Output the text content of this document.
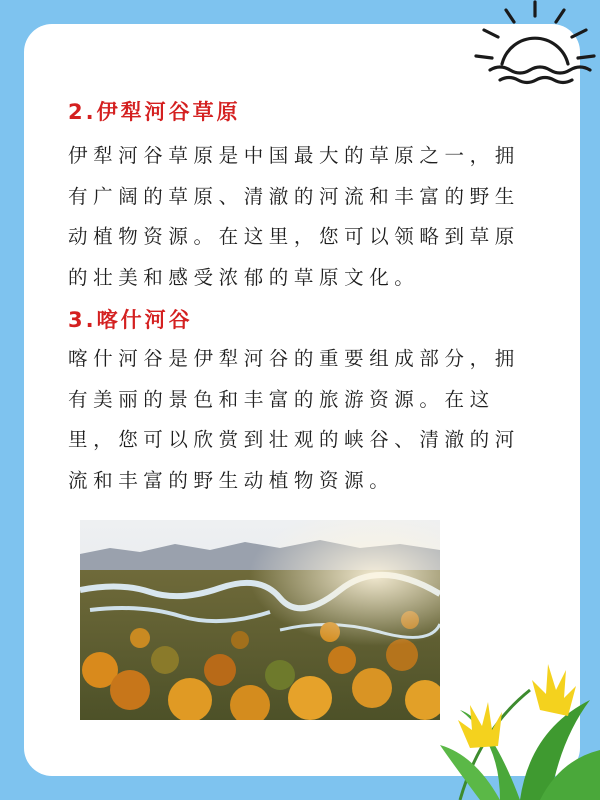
2.伊犁河谷草原

伊犁河谷草原是中国最大的草原之一，拥有广阔的草原、清澈的河流和丰富的野生动植物资源。在这里，您可以领略到草原的壮美和感受浓郁的草原文化。

3.喀什河谷

喀什河谷是伊犁河谷的重要组成部分，拥有美丽的景色和丰富的旅游资源。在这里，您可以欣赏到壮观的峡谷、清澈的河流和丰富的野生动植物资源。
